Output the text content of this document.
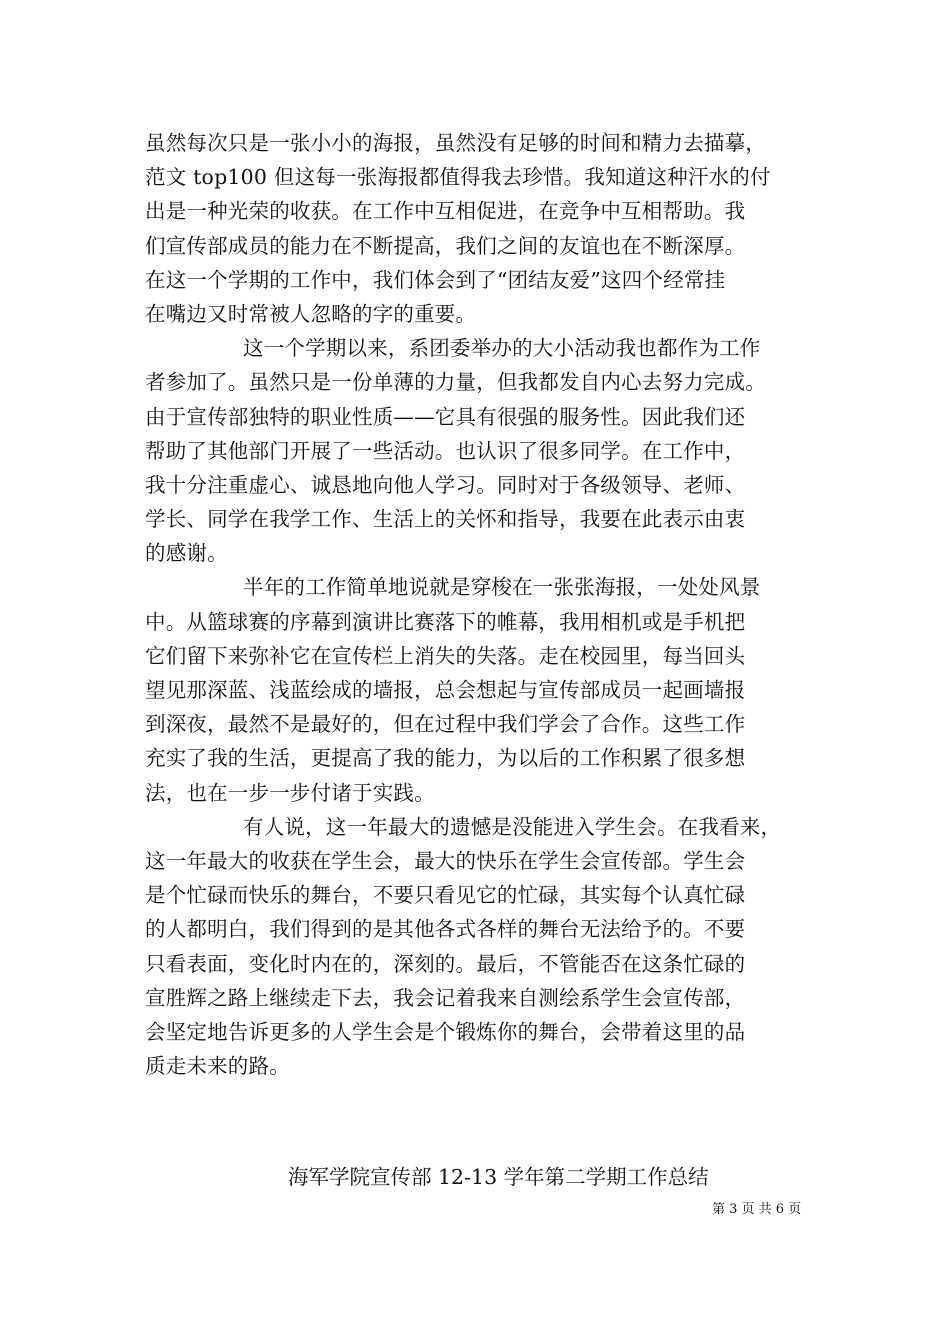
虽然每次只是一张小小的海报，虽然没有足够的时间和精力去描摹，
范文 top100 但这每一张海报都值得我去珍惜。我知道这种汗水的付
出是一种光荣的收获。在工作中互相促进，在竞争中互相帮助。我
们宣传部成员的能力在不断提高，我们之间的友谊也在不断深厚。
在这一个学期的工作中，我们体会到了“团结友爱”这四个经常挂
在嘴边又时常被人忽略的字的重要。
这一个学期以来，系团委举办的大小活动我也都作为工作
者参加了。虽然只是一份单薄的力量，但我都发自内心去努力完成。
由于宣传部独特的职业性质——它具有很强的服务性。因此我们还
帮助了其他部门开展了一些活动。也认识了很多同学。在工作中，
我十分注重虚心、诚恳地向他人学习。同时对于各级领导、老师、
学长、同学在我学工作、生活上的关怀和指导，我要在此表示由衷
的感谢。
半年的工作简单地说就是穿梭在一张张海报，一处处风景
中。从篮球赛的序幕到演讲比赛落下的帷幕，我用相机或是手机把
它们留下来弥补它在宣传栏上消失的失落。走在校园里，每当回头
望见那深蓝、浅蓝绘成的墙报，总会想起与宣传部成员一起画墙报
到深夜，最然不是最好的，但在过程中我们学会了合作。这些工作
充实了我的生活，更提高了我的能力，为以后的工作积累了很多想
法，也在一步一步付诸于实践。
有人说，这一年最大的遗憾是没能进入学生会。在我看来，
这一年最大的收获在学生会，最大的快乐在学生会宣传部。学生会
是个忙碌而快乐的舞台，不要只看见它的忙碌，其实每个认真忙碌
的人都明白，我们得到的是其他各式各样的舞台无法给予的。不要
只看表面，变化时内在的，深刻的。最后，不管能否在这条忙碌的
宣胜辉之路上继续走下去，我会记着我来自测绘系学生会宣传部，
会坚定地告诉更多的人学生会是个锻炼你的舞台，会带着这里的品
质走未来的路。
海军学院宣传部 12-13 学年第二学期工作总结
第 3 页 共 6 页
